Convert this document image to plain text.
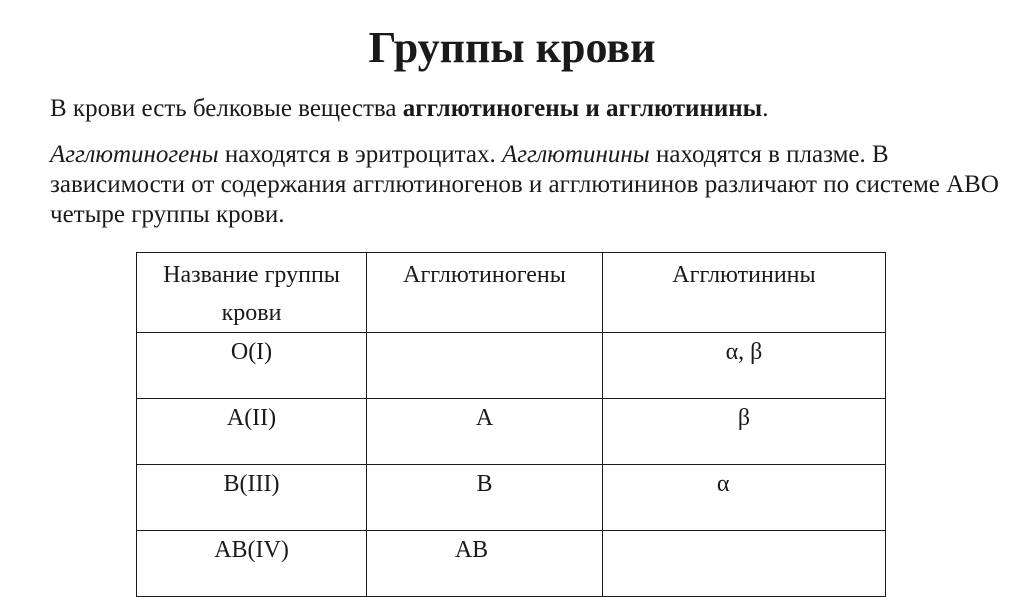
Группы крови
В крови есть белковые вещества агглютиногены и агглютинины.
Агглютиногены находятся в эритроцитах. Агглютинины находятся в плазме. В зависимости от содержания агглютиногенов и агглютининов различают по системе АВО четыре группы крови.
Название группы крови	Агглютиногены	Агглютинины
O(I)		α, β
A(II)	A	β
B(III)	B	α
AB(IV)	AB	
